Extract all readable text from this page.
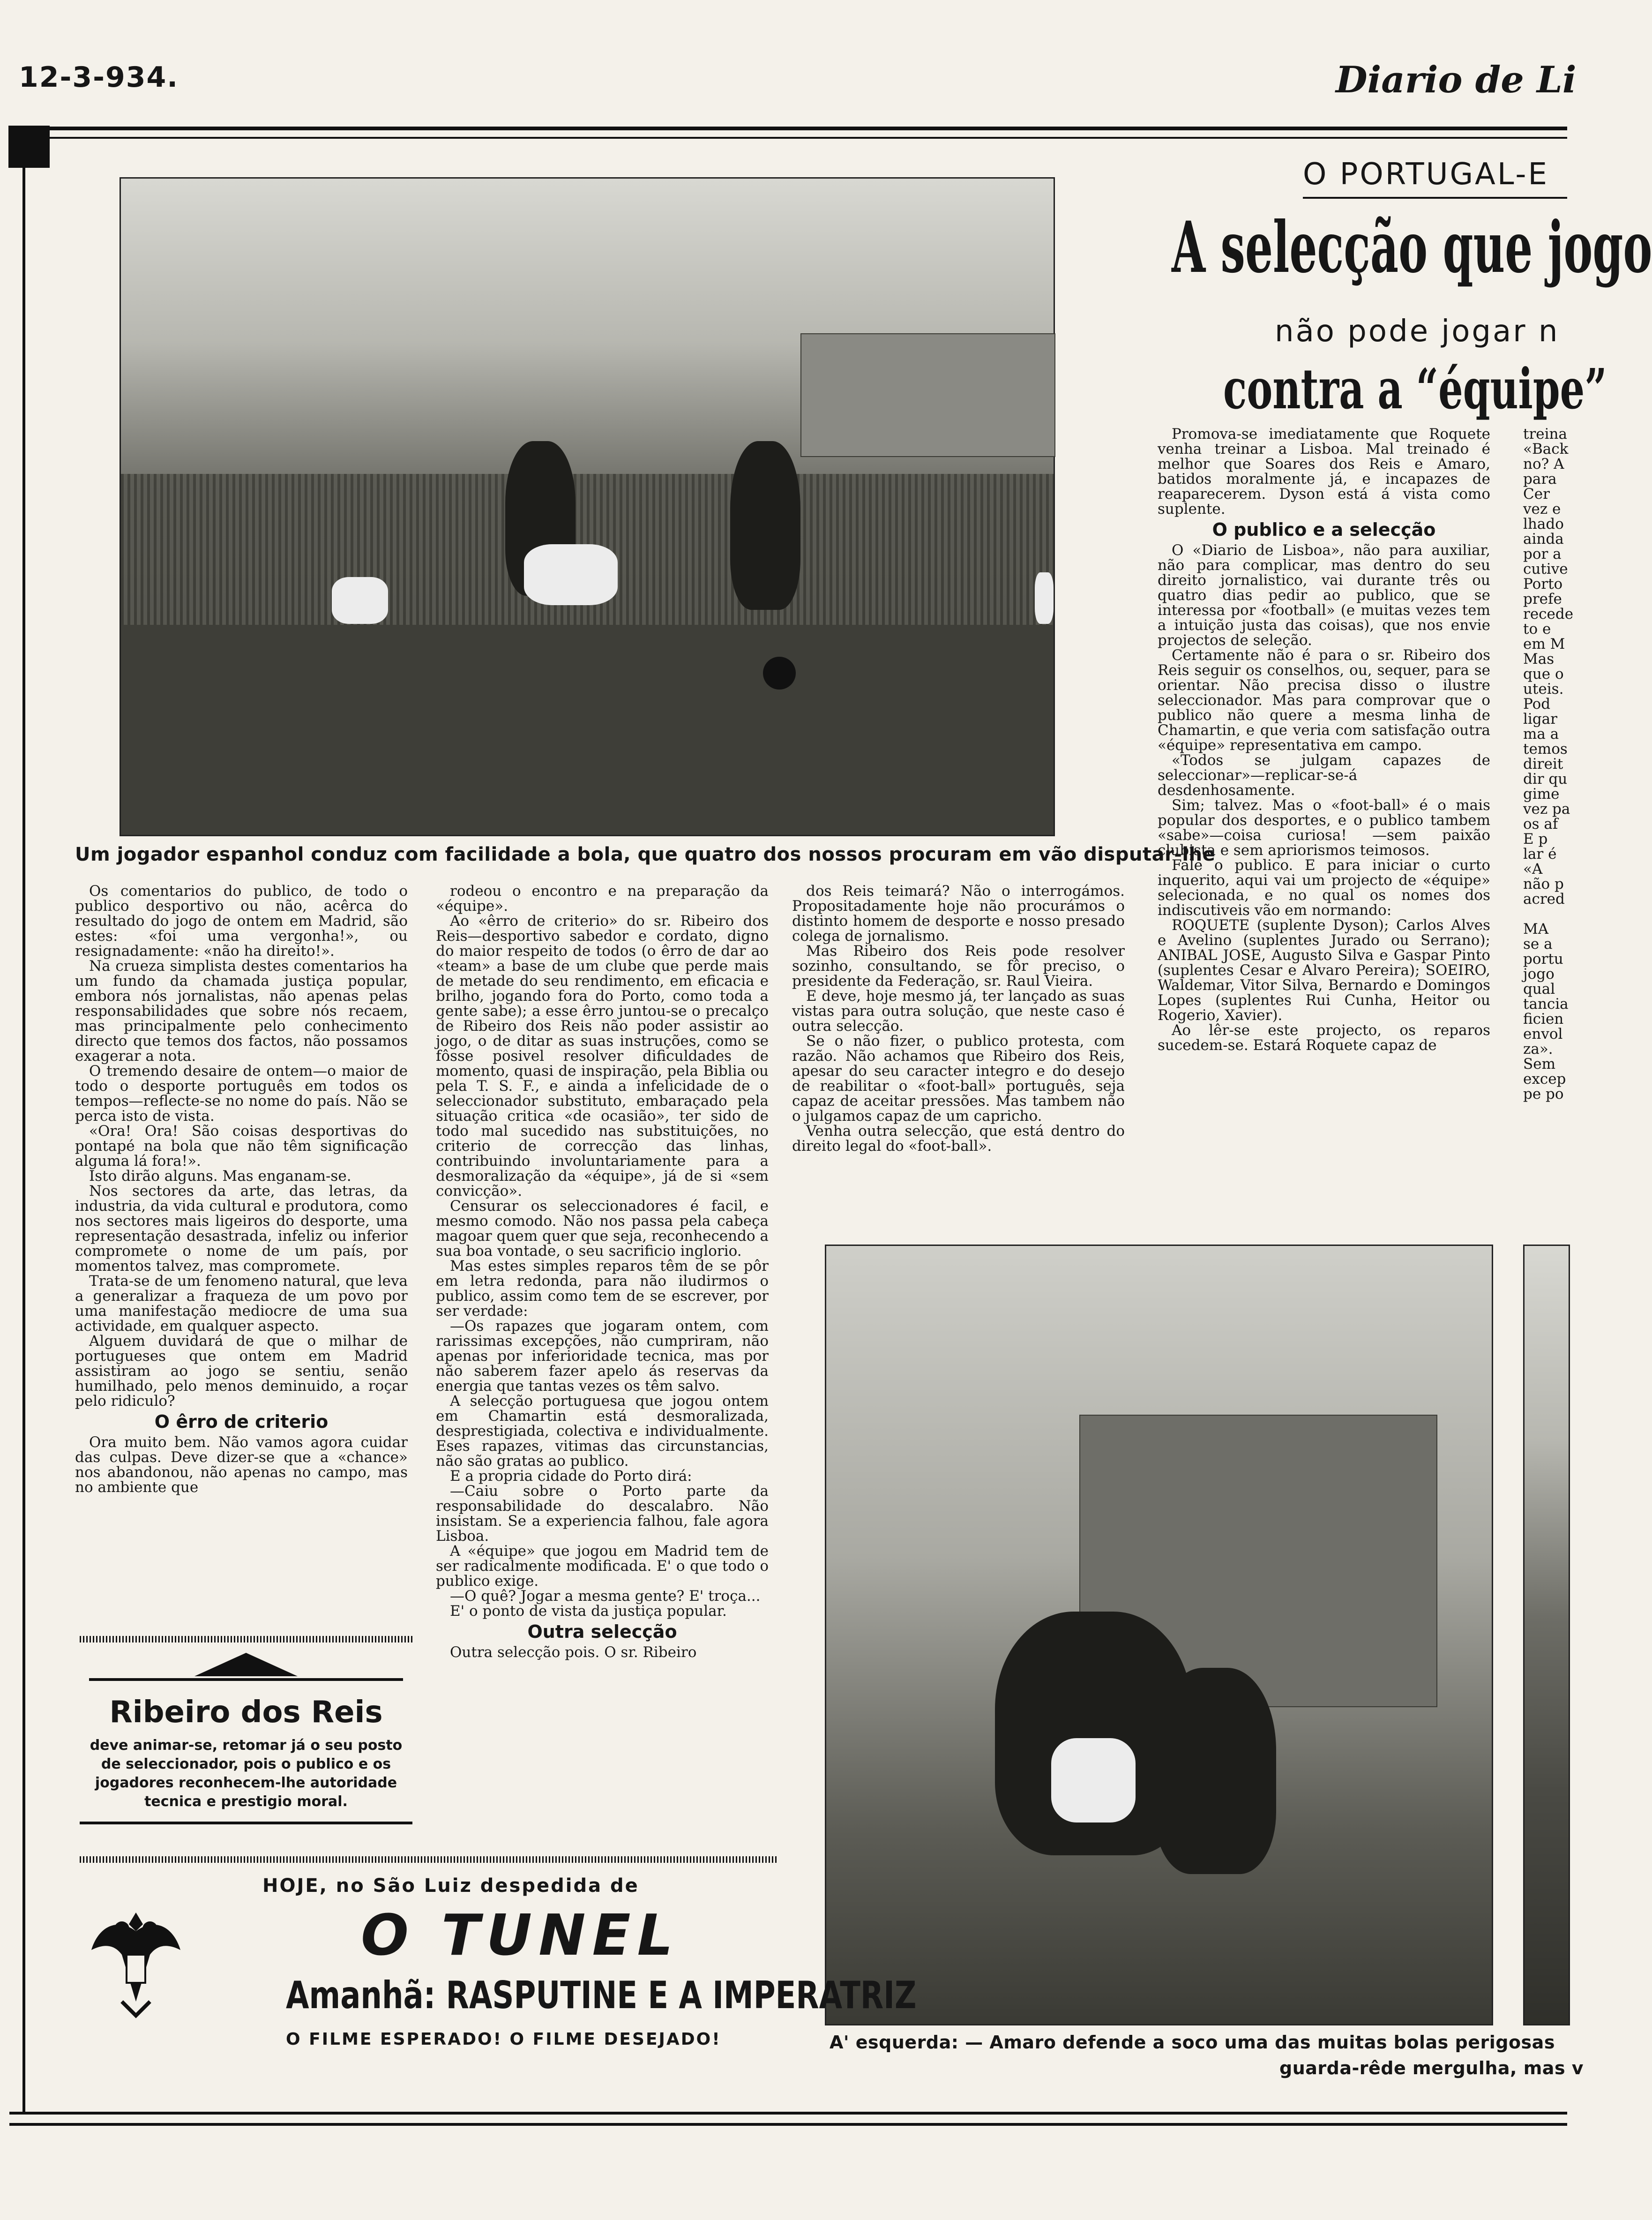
12-3-934.	Diario de Li
O PORTUGAL-E
A selecção que jogo
não pode jogar n
contra a “équipe”
Um jogador espanhol conduz com facilidade a bola, que quatro dos nossos procuram em vão disputar-lhe

Os comentarios do publico, de todo o publico desportivo ou não, acêrca do resultado do jogo de ontem em Madrid, são estes: «foi uma vergonha!», ou resignadamente: «não ha direito!».

Na crueza simplista destes comentarios ha um fundo da chamada justiça popular, embora nós jornalistas, não apenas pelas responsabilidades que sobre nós recaem, mas principalmente pelo conhecimento directo que temos dos factos, não possamos exagerar a nota.

O tremendo desaire de ontem—o maior de todo o desporte português em todos os tempos—reflecte-se no nome do país. Não se perca isto de vista.

«Ora! Ora! São coisas desportivas do pontapé na bola que não têm significação alguma lá fora!».

Isto dirão alguns. Mas enganam-se.

Nos sectores da arte, das letras, da industria, da vida cultural e produtora, como nos sectores mais ligeiros do desporte, uma representação desastrada, infeliz ou inferior compromete o nome de um país, por momentos talvez, mas compromete.

Trata-se de um fenomeno natural, que leva a generalizar a fraqueza de um povo por uma manifestação mediocre de uma sua actividade, em qualquer aspecto.

Alguem duvidará de que o milhar de portugueses que ontem em Madrid assistiram ao jogo se sentiu, senão humilhado, pelo menos deminuido, a roçar pelo ridiculo?

O êrro de criterio

Ora muito bem. Não vamos agora cuidar das culpas. Deve dizer-se que a «chance» nos abandonou, não apenas no campo, mas no ambiente que

rodeou o encontro e na preparação da «équipe».

Ao «êrro de criterio» do sr. Ribeiro dos Reis—desportivo sabedor e cordato, digno do maior respeito de todos (o êrro de dar ao «team» a base de um clube que perde mais de metade do seu rendimento, em eficacia e brilho, jogando fora do Porto, como toda a gente sabe); a esse êrro juntou-se o precalço de Ribeiro dos Reis não poder assistir ao jogo, o de ditar as suas instruções, como se fôsse posivel resolver dificuldades de momento, quasi de inspiração, pela Biblia ou pela T. S. F., e ainda a infelicidade de o seleccionador substituto, embaraçado pela situação critica «de ocasião», ter sido de todo mal sucedido nas substituições, no criterio de correcção das linhas, contribuindo involuntariamente para a desmoralização da «équipe», já de si «sem convicção».

Censurar os seleccionadores é facil, e mesmo comodo. Não nos passa pela cabeça magoar quem quer que seja, reconhecendo a sua boa vontade, o seu sacrificio inglorio.

Mas estes simples reparos têm de se pôr em letra redonda, para não iludirmos o publico, assim como tem de se escrever, por ser verdade:

—Os rapazes que jogaram ontem, com rarissimas excepções, não cumpriram, não apenas por inferioridade tecnica, mas por não saberem fazer apelo ás reservas da energia que tantas vezes os têm salvo.

A selecção portuguesa que jogou ontem em Chamartin está desmoralizada, desprestigiada, colectiva e individualmente. Eses rapazes, vitimas das circunstancias, não são gratas ao publico.

E a propria cidade do Porto dirá:

—Caiu sobre o Porto parte da responsabilidade do descalabro. Não insistam. Se a experiencia falhou, fale agora Lisboa.

A «équipe» que jogou em Madrid tem de ser radicalmente modificada. E' o que todo o publico exige.

—O quê? Jogar a mesma gente? E' troça...

E' o ponto de vista da justiça popular.

Outra selecção

Outra selecção pois. O sr. Ribeiro

dos Reis teimará? Não o interrogámos. Propositadamente hoje não procurámos o distinto homem de desporte e nosso presado colega de jornalismo.

Mas Ribeiro dos Reis pode resolver sozinho, consultando, se fôr preciso, o presidente da Federação, sr. Raul Vieira.

E deve, hoje mesmo já, ter lançado as suas vistas para outra solução, que neste caso é outra selecção.

Se o não fizer, o publico protesta, com razão. Não achamos que Ribeiro dos Reis, apesar do seu caracter integro e do desejo de reabilitar o «foot-ball» português, seja capaz de aceitar pressões. Mas tambem não o julgamos capaz de um capricho.

Venha outra selecção, que está dentro do direito legal do «foot-ball».

Promova-se imediatamente que Roquete venha treinar a Lisboa. Mal treinado é melhor que Soares dos Reis e Amaro, batidos moralmente já, e incapazes de reaparecerem. Dyson está á vista como suplente.

O publico e a selecção

O «Diario de Lisboa», não para auxiliar, não para complicar, mas dentro do seu direito jornalistico, vai durante três ou quatro dias pedir ao publico, que se interessa por «football» (e muitas vezes tem a intuição justa das coisas), que nos envie projectos de seleção.

Certamente não é para o sr. Ribeiro dos Reis seguir os conselhos, ou, sequer, para se orientar. Não precisa disso o ilustre seleccionador. Mas para comprovar que o publico não quere a mesma linha de Chamartin, e que veria com satisfação outra «équipe» representativa em campo.

«Todos se julgam capazes de seleccionar»—replicar-se-á desdenhosamente.

Sim; talvez. Mas o «foot-ball» é o mais popular dos desportes, e o publico tambem «sabe»—coisa curiosa! —sem paixão clubista e sem apriorismos teimosos.

Fale o publico. E para iniciar o curto inquerito, aqui vai um projecto de «équipe» selecionada, e no qual os nomes dos indiscutiveis vão em normando:

ROQUETE (suplente Dyson); Carlos Alves e Avelino (suplentes Jurado ou Serrano); ANIBAL JOSE, Augusto Silva e Gaspar Pinto (suplentes Cesar e Alvaro Pereira); SOEIRO, Waldemar, Vitor Silva, Bernardo e Domingos Lopes (suplentes Rui Cunha, Heitor ou Rogerio, Xavier).

Ao lêr-se este projecto, os reparos sucedem-se. Estará Roquete capaz de

treina
«Back
no? A
para
Cer
vez e
lhado
ainda
por a
cutive
Porto
prefe
recede
to e
em M
Mas
que o
uteis.
Pod
ligar
ma a
temos
direit
dir qu
gime
vez pa
os af
E p
lar é
«A
não p
acred
MA
se a
portu
jogo
qual
tancia
ficien
envol
za».
Sem
excep
pe po
A' esquerda: — Amaro defende a soco uma das muitas bolas perigosas
guarda-rêde mergulha, mas v
Ribeiro dos Reis
deve animar-se, retomar já o seu posto de seleccionador, pois o publico e os jogadores reconhecem-lhe autoridade tecnica e prestigio moral.
HOJE, no São Luiz despedida de
O TUNEL
Amanhã: RASPUTINE E A IMPERATRIZ
O FILME ESPERADO! O FILME DESEJADO!
